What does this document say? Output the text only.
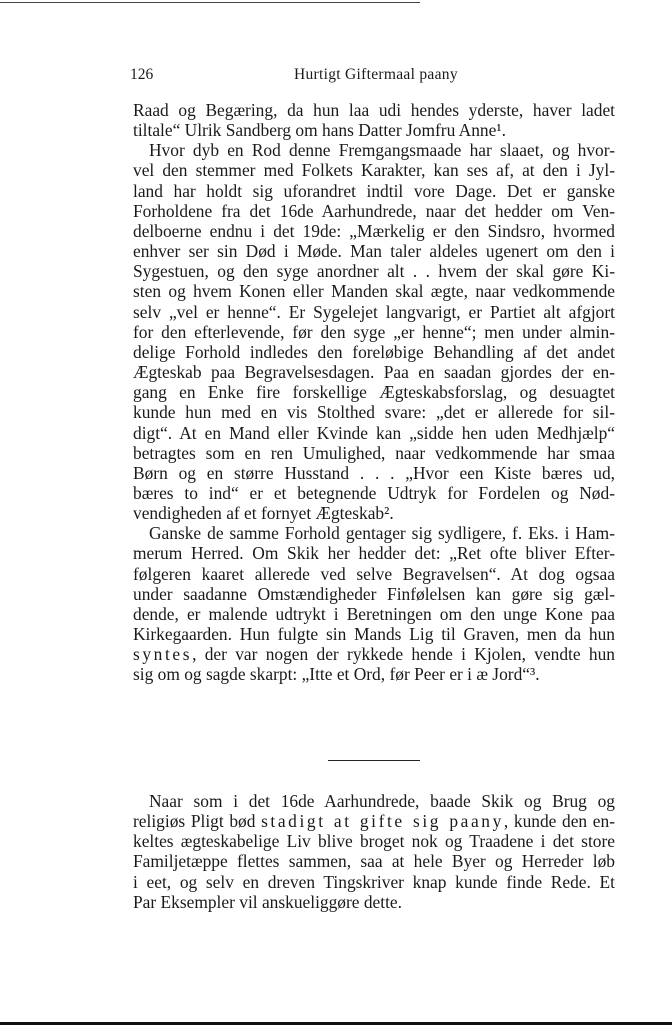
126	Hurtigt Giftermaal paany

Raad og Begæring, da hun laa udi hendes yderste, haver ladet

tiltale“ Ulrik Sandberg om hans Datter Jomfru Anne¹.

Hvor dyb en Rod denne Fremgangsmaade har slaaet, og hvor-

vel den stemmer med Folkets Karakter, kan ses af, at den i Jyl-

land har holdt sig uforandret indtil vore Dage. Det er ganske

Forholdene fra det 16de Aarhundrede, naar det hedder om Ven-

delboerne endnu i det 19de: „Mærkelig er den Sindsro, hvormed

enhver ser sin Død i Møde. Man taler aldeles ugenert om den i

Sygestuen, og den syge anordner alt . . hvem der skal gøre Ki-

sten og hvem Konen eller Manden skal ægte, naar vedkommende

selv „vel er henne“. Er Sygelejet langvarigt, er Partiet alt afgjort

for den efterlevende, før den syge „er henne“; men under almin-

delige Forhold indledes den foreløbige Behandling af det andet

Ægteskab paa Begravelsesdagen. Paa en saadan gjordes der en-

gang en Enke fire forskellige Ægteskabsforslag, og desuagtet

kunde hun med en vis Stolthed svare: „det er allerede for sil-

digt“. At en Mand eller Kvinde kan „sidde hen uden Medhjælp“

betragtes som en ren Umulighed, naar vedkommende har smaa

Børn og en større Husstand . . . „Hvor een Kiste bæres ud,

bæres to ind“ er et betegnende Udtryk for Fordelen og Nød-

vendigheden af et fornyet Ægteskab².

Ganske de samme Forhold gentager sig sydligere, f. Eks. i Ham-

merum Herred. Om Skik her hedder det: „Ret ofte bliver Efter-

følgeren kaaret allerede ved selve Begravelsen“. At dog ogsaa

under saadanne Omstændigheder Finfølelsen kan gøre sig gæl-

dende, er malende udtrykt i Beretningen om den unge Kone paa

Kirkegaarden. Hun fulgte sin Mands Lig til Graven, men da hun

syntes, der var nogen der rykkede hende i Kjolen, vendte hun

sig om og sagde skarpt: „Itte et Ord, før Peer er i æ Jord“³.

Naar som i det 16de Aarhundrede, baade Skik og Brug og

religiøs Pligt bød stadigt at gifte sig paany, kunde den en-

keltes ægteskabelige Liv blive broget nok og Traadene i det store

Familjetæppe flettes sammen, saa at hele Byer og Herreder løb

i eet, og selv en dreven Tingskriver knap kunde finde Rede. Et

Par Eksempler vil anskueliggøre dette.
